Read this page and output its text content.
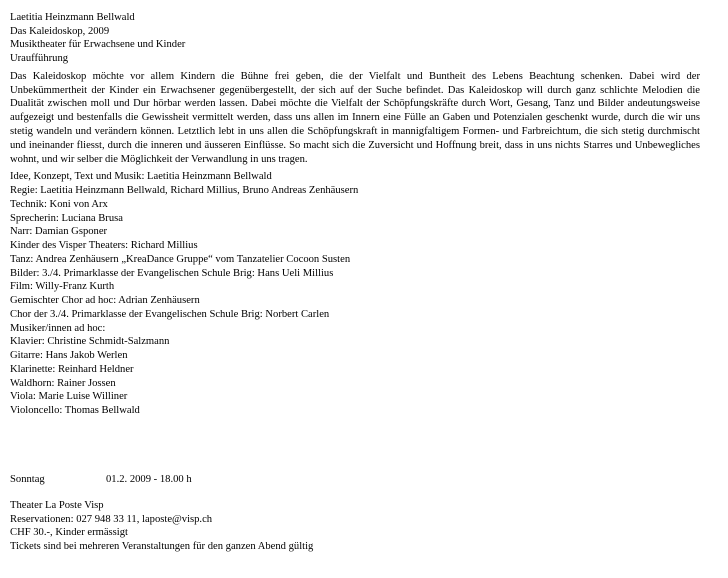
Laetitia Heinzmann Bellwald
Das Kaleidoskop, 2009
Musiktheater für Erwachsene und Kinder
Uraufführung
Das Kaleidoskop möchte vor allem Kindern die Bühne frei geben, die der Vielfalt und Buntheit des Lebens Beachtung schenken. Dabei wird der Unbekümmertheit der Kinder ein Erwachsener gegenübergestellt, der sich auf der Suche befindet. Das Kaleidoskop will durch ganz schlichte Melodien die Dualität zwischen moll und Dur hörbar werden lassen. Dabei möchte die Vielfalt der Schöpfungskräfte durch Wort, Gesang, Tanz und Bilder andeutungsweise aufgezeigt und bestenfalls die Gewissheit vermittelt werden, dass uns allen im Innern eine Fülle an Gaben und Potenzialen geschenkt wurde, durch die wir uns stetig wandeln und verändern können. Letztlich lebt in uns allen die Schöpfungskraft in mannigfaltigem Formen- und Farbreichtum, die sich stetig durchmischt und ineinander fliesst, durch die inneren und äusseren Einflüsse. So macht sich die Zuversicht und Hoffnung breit, dass in uns nichts Starres und Unbewegliches wohnt, und wir selber die Möglichkeit der Verwandlung in uns tragen.
Idee, Konzept, Text und Musik: Laetitia Heinzmann Bellwald
Regie: Laetitia Heinzmann Bellwald, Richard Millius, Bruno Andreas Zenhäusern
Technik: Koni von Arx
Sprecherin: Luciana Brusa
Narr: Damian Gsponer
Kinder des Visper Theaters: Richard Millius
Tanz: Andrea Zenhäusern „KreaDance Gruppe“ vom Tanzatelier Cocoon Susten
Bilder: 3./4. Primarklasse der Evangelischen Schule Brig: Hans Ueli Millius
Film: Willy-Franz Kurth
Gemischter Chor ad hoc: Adrian Zenhäusern
Chor der 3./4. Primarklasse der Evangelischen Schule Brig: Norbert Carlen
Musiker/innen ad hoc:
Klavier: Christine Schmidt-Salzmann
Gitarre: Hans Jakob Werlen
Klarinette: Reinhard Heldner
Waldhorn: Rainer Jossen
Viola: Marie Luise Williner
Violoncello: Thomas Bellwald
Sonntag	01.2. 2009 - 18.00 h
Theater La Poste Visp
Reservationen: 027 948 33 11, laposte@visp.ch
CHF 30.-, Kinder ermässigt
Tickets sind bei mehreren Veranstaltungen für den ganzen Abend gültig
